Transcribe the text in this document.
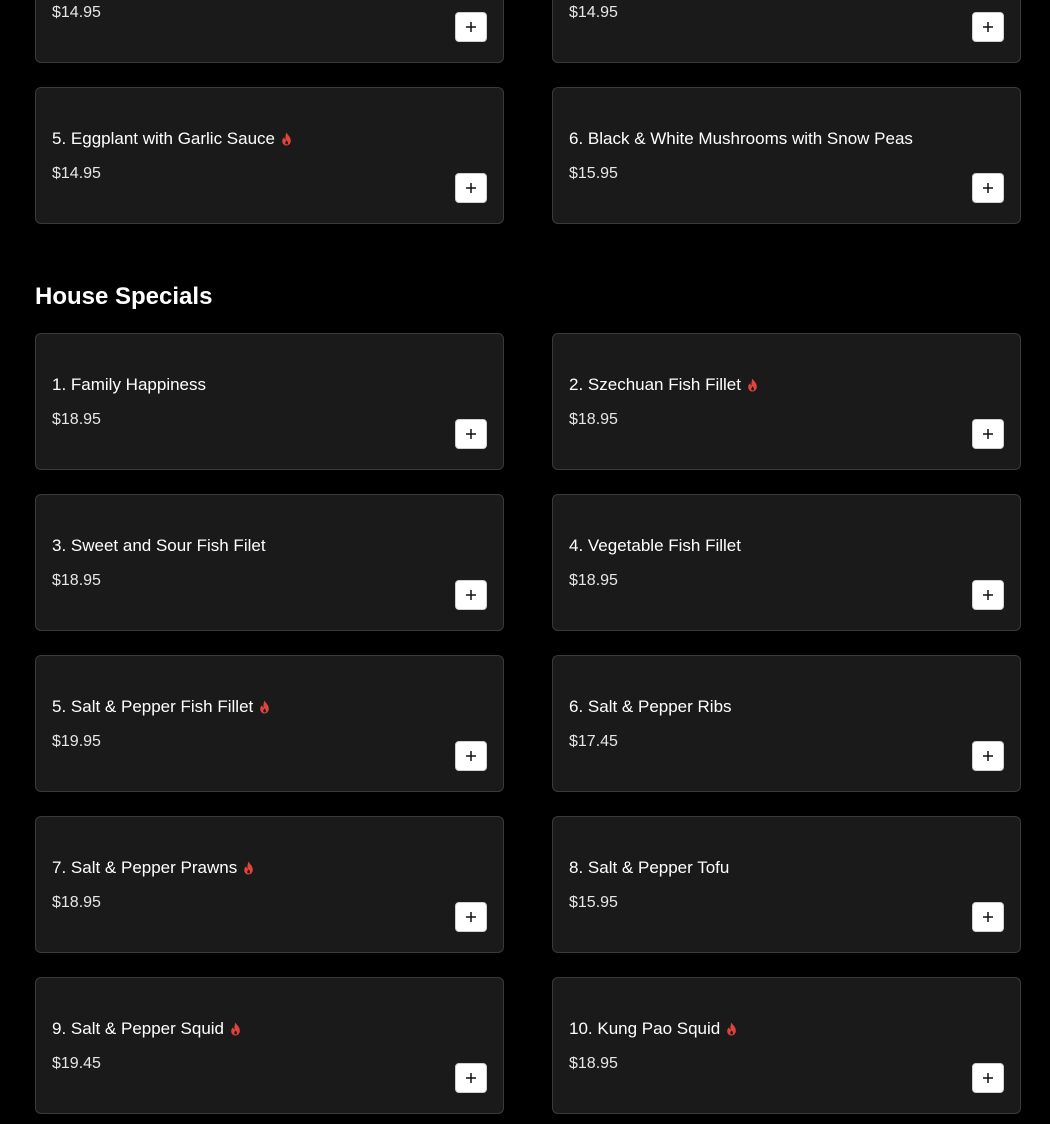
$14.95	$14.95
5. Eggplant with Garlic Sauce
$14.95
6. Black & White Mushrooms with Snow Peas
$15.95
House Specials
1. Family Happiness
$18.95
2. Szechuan Fish Fillet
$18.95
3. Sweet and Sour Fish Filet
$18.95
4. Vegetable Fish Fillet
$18.95
5. Salt & Pepper Fish Fillet
$19.95
6. Salt & Pepper Ribs
$17.45
7. Salt & Pepper Prawns
$18.95
8. Salt & Pepper Tofu
$15.95
9. Salt & Pepper Squid
$19.45
10. Kung Pao Squid
$18.95
